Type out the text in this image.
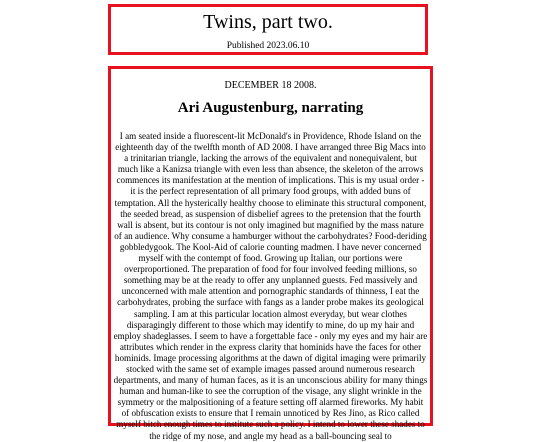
Twins, part two.
Published 2023.06.10
DECEMBER 18 2008.
Ari Augustenburg, narrating
I am seated inside a fluorescent-lit McDonald's in Providence, Rhode Island on the eighteenth day of the twelfth month of AD 2008. I have arranged three Big Macs into a trinitarian triangle, lacking the arrows of the equivalent and nonequivalent, but much like a Kanizsa triangle with even less than absence, the skeleton of the arrows commences its manifestation at the mention of implications. This is my usual order - it is the perfect representation of all primary food groups, with added buns of temptation. All the hysterically healthy choose to eliminate this structural component, the seeded bread, as suspension of disbelief agrees to the pretension that the fourth wall is absent, but its contour is not only imagined but magnified by the mass nature of an audience. Why consume a hamburger without the carbohydrates? Food-deriding gobbledygook. The Kool-Aid of calorie counting madmen. I have never concerned myself with the contempt of food. Growing up Italian, our portions were overproportioned. The preparation of food for four involved feeding millions, so something may be at the ready to offer any unplanned guests. Fed massively and unconcerned with male attention and pornographic standards of thinness, I eat the carbohydrates, probing the surface with fangs as a lander probe makes its geological sampling. I am at this particular location almost everyday, but wear clothes disparagingly different to those which may identify to mine, do up my hair and employ shadeglasses. I seem to have a forgettable face - only my eyes and my hair are attributes which render in the express clarity that hominids have the faces for other hominids. Image processing algorithms at the dawn of digital imaging were primarily stocked with the same set of example images passed around numerous research departments, and many of human faces, as it is an unconscious ability for many things human and human-like to see the corruption of the visage, any slight wrinkle in the symmetry or the malpositioning of a feature setting off alarmed fireworks. My habit of obfuscation exists to ensure that I remain unnoticed by Res Jino, as Rico called myself bitch enough times to institute such a policy. I intend to lower these shades to the ridge of my nose, and angle my head as a ball-bouncing seal to
